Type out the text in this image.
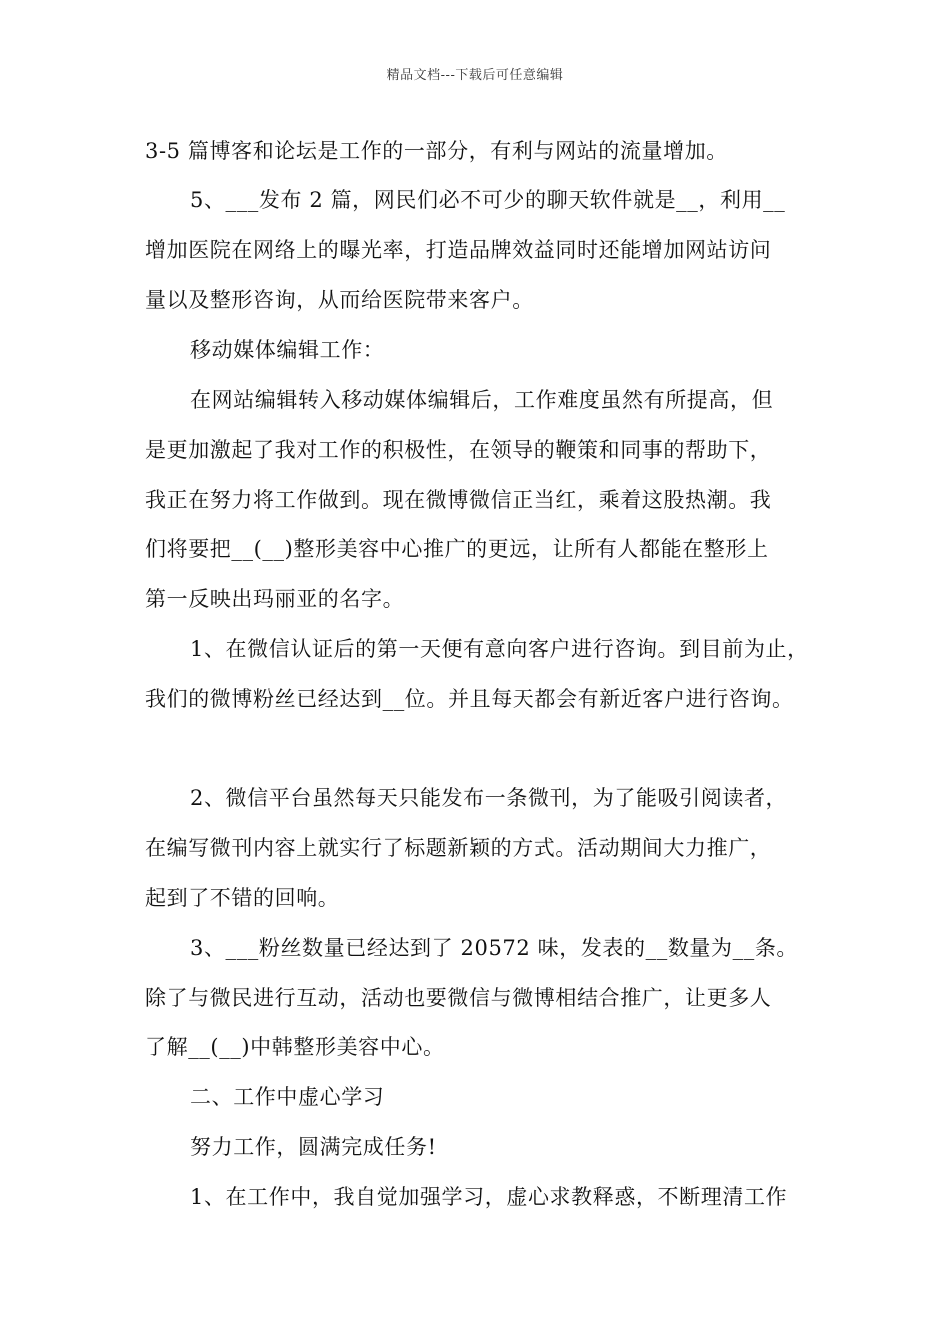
精品文档---下载后可任意编辑
3-5 篇博客和论坛是工作的一部分，有利与网站的流量增加。
5、___发布 2 篇，网民们必不可少的聊天软件就是__，利用__
增加医院在网络上的曝光率，打造品牌效益同时还能增加网站访问
量以及整形咨询，从而给医院带来客户。
移动媒体编辑工作：
在网站编辑转入移动媒体编辑后，工作难度虽然有所提高，但
是更加激起了我对工作的积极性，在领导的鞭策和同事的帮助下，
我正在努力将工作做到。现在微博微信正当红，乘着这股热潮。我
们将要把__(__)整形美容中心推广的更远，让所有人都能在整形上
第一反映出玛丽亚的名字。
1、在微信认证后的第一天便有意向客户进行咨询。到目前为止，
我们的微博粉丝已经达到__位。并且每天都会有新近客户进行咨询。
2、微信平台虽然每天只能发布一条微刊，为了能吸引阅读者，
在编写微刊内容上就实行了标题新颖的方式。活动期间大力推广，
起到了不错的回响。
3、___粉丝数量已经达到了 20572 味，发表的__数量为__条。
除了与微民进行互动，活动也要微信与微博相结合推广，让更多人
了解__(__)中韩整形美容中心。
二、工作中虚心学习
努力工作，圆满完成任务!
1、在工作中，我自觉加强学习，虚心求教释惑，不断理清工作
